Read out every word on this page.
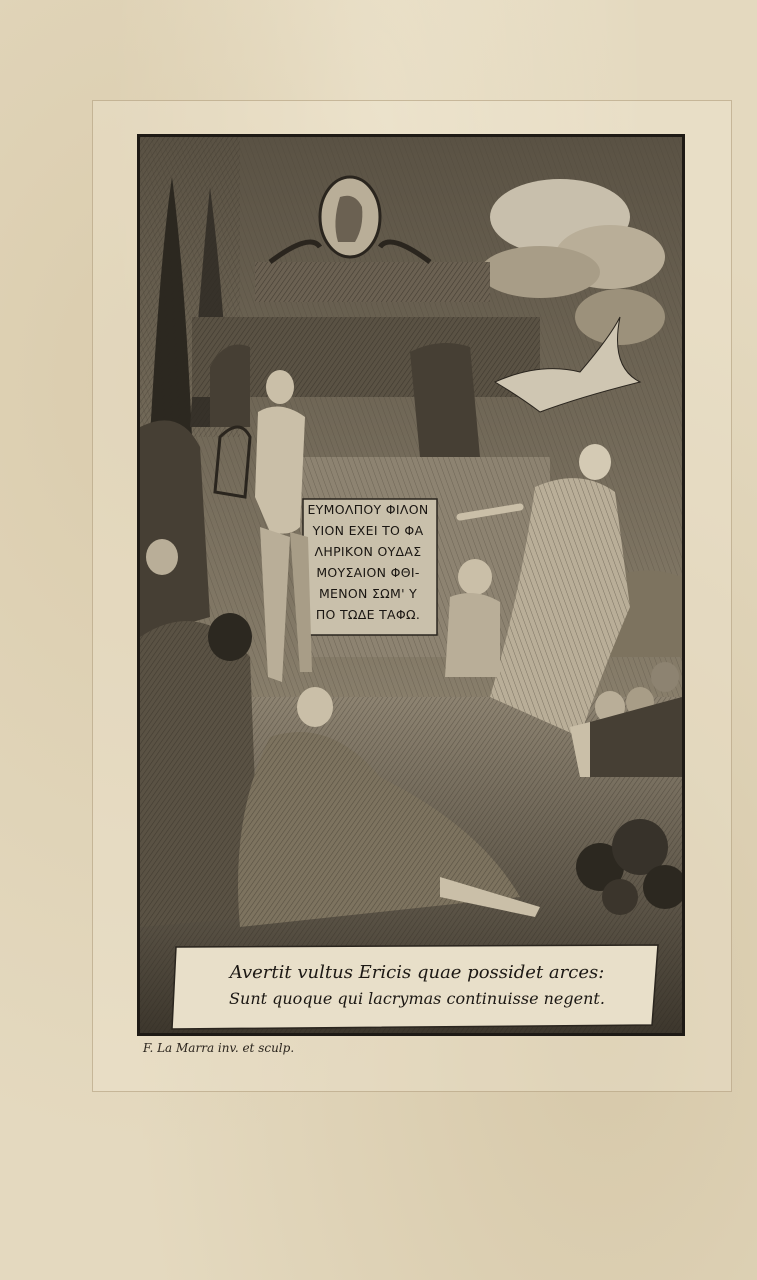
ΕΥΜΟΛΠΟΥ ΦΙΛΟΝ
ΥΙΟΝ ΕΧΕΙ ΤΟ ΦΑ
ΛΗΡΙΚΟΝ ΟΥΔΑΣ
ΜΟΥΣΑΙΟΝ ΦΘΙ-
ΜΕΝΟΝ ΣΩΜ' Υ
ΠΟ ΤΩΔΕ ΤΑΦΩ.
Avertit vultus Ericis quae possidet arces:
Sunt quoque qui lacrymas continuisse negent.
F. La Marra inv. et sculp.
